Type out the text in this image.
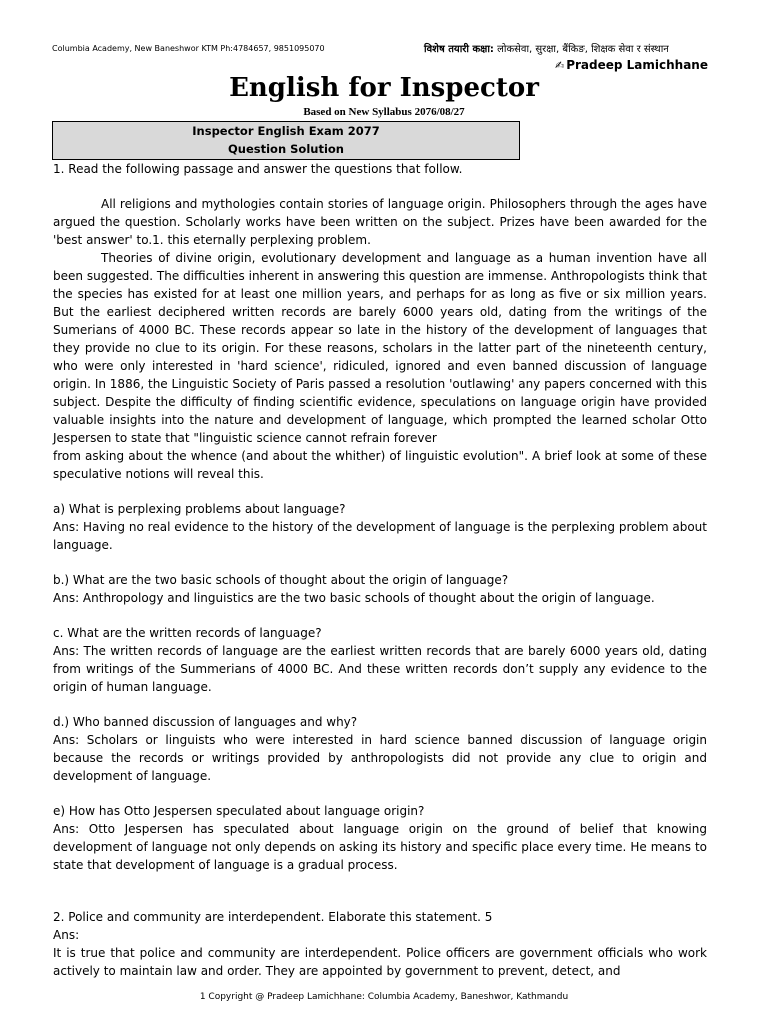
Columbia Academy, New Baneshwor KTM Ph:4784657, 9851095070	विशेष तयारी कक्षा: लोकसेवा, सुरक्षा, बैंकिङ, शिक्षक सेवा र संस्थान
✍ Pradeep Lamichhane
English for Inspector
Based on New Syllabus 2076/08/27
Inspector English Exam 2077
Question Solution

1. Read the following passage and answer the questions that follow.

All religions and mythologies contain stories of language origin. Philosophers through the ages have argued the question. Scholarly works have been written on the subject. Prizes have been awarded for the 'best answer' to.1. this eternally perplexing problem.

Theories of divine origin, evolutionary development and language as a human invention have all been suggested. The difficulties inherent in answering this question are immense. Anthropologists think that the species has existed for at least one million years, and perhaps for as long as five or six million years. But the earliest deciphered written records are barely 6000 years old, dating from the writings of the Sumerians of 4000 BC. These records appear so late in the history of the development of languages that they provide no clue to its origin. For these reasons, scholars in the latter part of the nineteenth century, who were only interested in 'hard science', ridiculed, ignored and even banned discussion of language origin. In 1886, the Linguistic Society of Paris passed a resolution 'outlawing' any papers concerned with this subject. Despite the difficulty of finding scientific evidence, speculations on language origin have provided valuable insights into the nature and development of language, which prompted the learned scholar Otto Jespersen to state that "linguistic science cannot refrain forever

from asking about the whence (and about the whither) of linguistic evolution". A brief look at some of these speculative notions will reveal this.

a) What is perplexing problems about language?

Ans: Having no real evidence to the history of the development of language is the perplexing problem about language.

b.) What are the two basic schools of thought about the origin of language?

Ans: Anthropology and linguistics are the two basic schools of thought about the origin of language.

c. What are the written records of language?

Ans: The written records of language are the earliest written records that are barely 6000 years old, dating from writings of the Summerians of 4000 BC. And these written records don’t supply any evidence to the origin of human language.

d.) Who banned discussion of languages and why?

Ans: Scholars or linguists who were interested in hard science banned discussion of language origin because the records or writings provided by anthropologists did not provide any clue to origin and development of language.

e) How has Otto Jespersen speculated about language origin?

Ans: Otto Jespersen has speculated about language origin on the ground of belief that knowing development of language not only depends on asking its history and specific place every time. He means to state that development of language is a gradual process.

2. Police and community are interdependent. Elaborate this statement. 5

Ans:

It is true that police and community are interdependent. Police officers are government officials who work actively to maintain law and order. They are appointed by government to prevent, detect, and

1 Copyright @ Pradeep Lamichhane: Columbia Academy, Baneshwor, Kathmandu
